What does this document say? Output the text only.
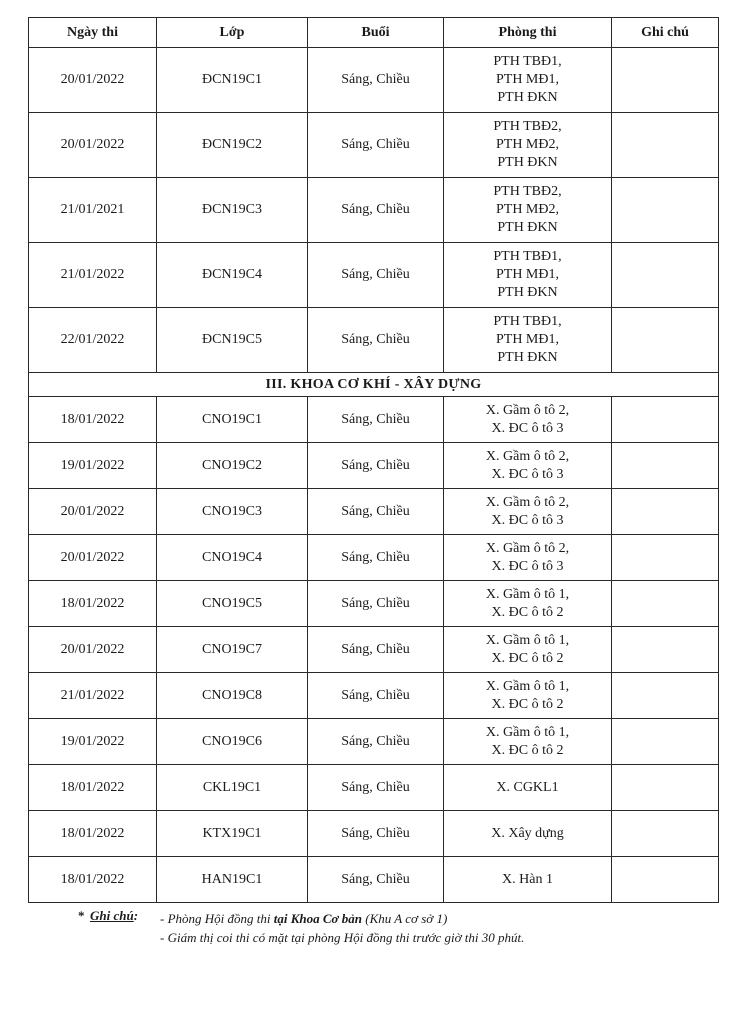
Ngày thi	Lớp	Buổi	Phòng thi	Ghi chú
20/01/2022	ĐCN19C1	Sáng, Chiều	PTH TBĐ1,
PTH MĐ1,
PTH ĐKN	

20/01/2022	ĐCN19C2	Sáng, Chiều	PTH TBĐ2,
PTH MĐ2,
PTH ĐKN	

21/01/2021	ĐCN19C3	Sáng, Chiều	PTH TBĐ2,
PTH MĐ2,
PTH ĐKN	

21/01/2022	ĐCN19C4	Sáng, Chiều	PTH TBĐ1,
PTH MĐ1,
PTH ĐKN	

22/01/2022	ĐCN19C5	Sáng, Chiều	PTH TBĐ1,
PTH MĐ1,
PTH ĐKN	

III. KHOA CƠ KHÍ - XÂY DỰNG				
18/01/2022	CNO19C1	Sáng, Chiều	X. Gầm ô tô 2,
X. ĐC ô tô 3	

19/01/2022	CNO19C2	Sáng, Chiều	X. Gầm ô tô 2,
X. ĐC ô tô 3	

20/01/2022	CNO19C3	Sáng, Chiều	X. Gầm ô tô 2,
X. ĐC ô tô 3	

20/01/2022	CNO19C4	Sáng, Chiều	X. Gầm ô tô 2,
X. ĐC ô tô 3	

18/01/2022	CNO19C5	Sáng, Chiều	X. Gầm ô tô 1,
X. ĐC ô tô 2	

20/01/2022	CNO19C7	Sáng, Chiều	X. Gầm ô tô 1,
X. ĐC ô tô 2	

21/01/2022	CNO19C8	Sáng, Chiều	X. Gầm ô tô 1,
X. ĐC ô tô 2	

19/01/2022	CNO19C6	Sáng, Chiều	X. Gầm ô tô 1,
X. ĐC ô tô 2	

18/01/2022	CKL19C1	Sáng, Chiều	X. CGKL1	

18/01/2022	KTX19C1	Sáng, Chiều	X. Xây dựng	

18/01/2022	HAN19C1	Sáng, Chiều	X. Hàn 1	

* Ghi chú: - Phòng Hội đồng thi tại Khoa Cơ bản (Khu A cơ sở 1)
- Giám thị coi thi có mặt tại phòng Hội đồng thi trước giờ thi 30 phút.
